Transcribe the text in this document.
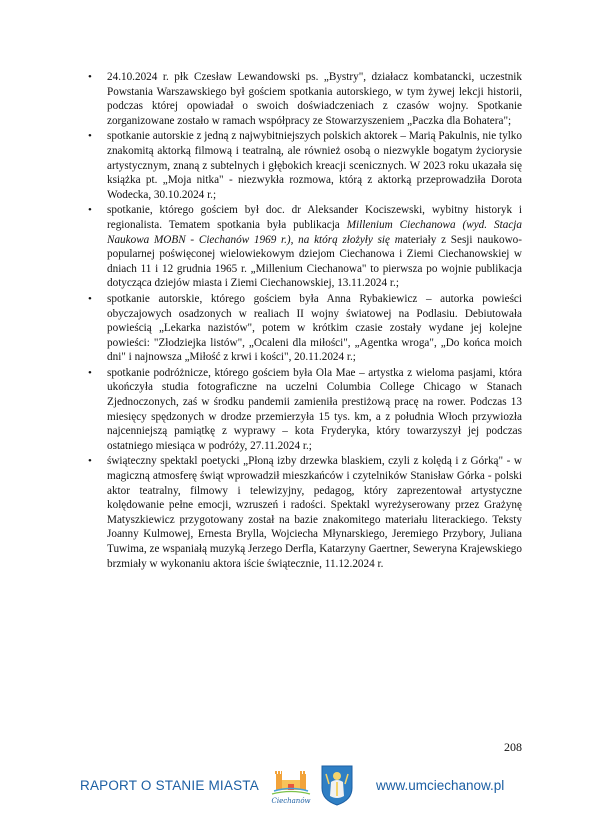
•	24.10.2024 r. płk Czesław Lewandowski ps. „Bystry", działacz kombatancki, uczestnik Powstania Warszawskiego był gościem spotkania autorskiego, w tym żywej lekcji historii, podczas której opowiadał o swoich doświadczeniach z czasów wojny. Spotkanie zorganizowane zostało w ramach współpracy ze Stowarzyszeniem „Paczka dla Bohatera";
•	spotkanie autorskie z jedną z najwybitniejszych polskich aktorek – Marią Pakulnis, nie tylko znakomitą aktorką filmową i teatralną, ale również osobą o niezwykle bogatym życiorysie artystycznym, znaną z subtelnych i głębokich kreacji scenicznych. W 2023 roku ukazała się książka pt. „Moja nitka" - niezwykła rozmowa, którą z aktorką przeprowadziła Dorota Wodecka, 30.10.2024 r.;
•	spotkanie, którego gościem był doc. dr Aleksander Kociszewski, wybitny historyk i regionalista. Tematem spotkania była publikacja Millenium Ciechanowa (wyd. Stacja Naukowa MOBN - Ciechanów 1969 r.), na którą złożyły się materiały z Sesji naukowo-popularnej poświęconej wielowiekowym dziejom Ciechanowa i Ziemi Ciechanowskiej w dniach 11 i 12 grudnia 1965 r. „Millenium Ciechanowa" to pierwsza po wojnie publikacja dotycząca dziejów miasta i Ziemi Ciechanowskiej, 13.11.2024 r.;
•	spotkanie autorskie, którego gościem była Anna Rybakiewicz – autorka powieści obyczajowych osadzonych w realiach II wojny światowej na Podlasiu. Debiutowała powieścią „Lekarka nazistów", potem w krótkim czasie zostały wydane jej kolejne powieści: "Złodziejka listów", „Ocaleni dla miłości", „Agentka wroga", „Do końca moich dni" i najnowsza „Miłość z krwi i kości", 20.11.2024 r.;
•	spotkanie podróżnicze, którego gościem była Ola Mae – artystka z wieloma pasjami, która ukończyła studia fotograficzne na uczelni Columbia College Chicago w Stanach Zjednoczonych, zaś w środku pandemii zamieniła prestiżową pracę na rower. Podczas 13 miesięcy spędzonych w drodze przemierzyła 15 tys. km, a z południa Włoch przywiozła najcenniejszą pamiątkę z wyprawy – kota Fryderyka, który towarzyszył jej podczas ostatniego miesiąca w podróży, 27.11.2024 r.;
•	świąteczny spektakl poetycki „Płoną izby drzewka blaskiem, czyli z kolędą i z Górką" - w magiczną atmosferę świąt wprowadził mieszkańców i czytelników Stanisław Górka - polski aktor teatralny, filmowy i telewizyjny, pedagog, który zaprezentował artystyczne kolędowanie pełne emocji, wzruszeń i radości. Spektakl wyreżyserowany przez Grażynę Matyszkiewicz przygotowany został na bazie znakomitego materiału literackiego. Teksty Joanny Kulmowej, Ernesta Brylla, Wojciecha Młynarskiego, Jeremiego Przybory, Juliana Tuwima, ze wspaniałą muzyką Jerzego Derfla, Katarzyny Gaertner, Seweryna Krajewskiego brzmiały w wykonaniu aktora iście świątecznie, 11.12.2024 r.
208
RAPORT O STANIE MIASTA
Ciechanów
www.umciechanow.pl
